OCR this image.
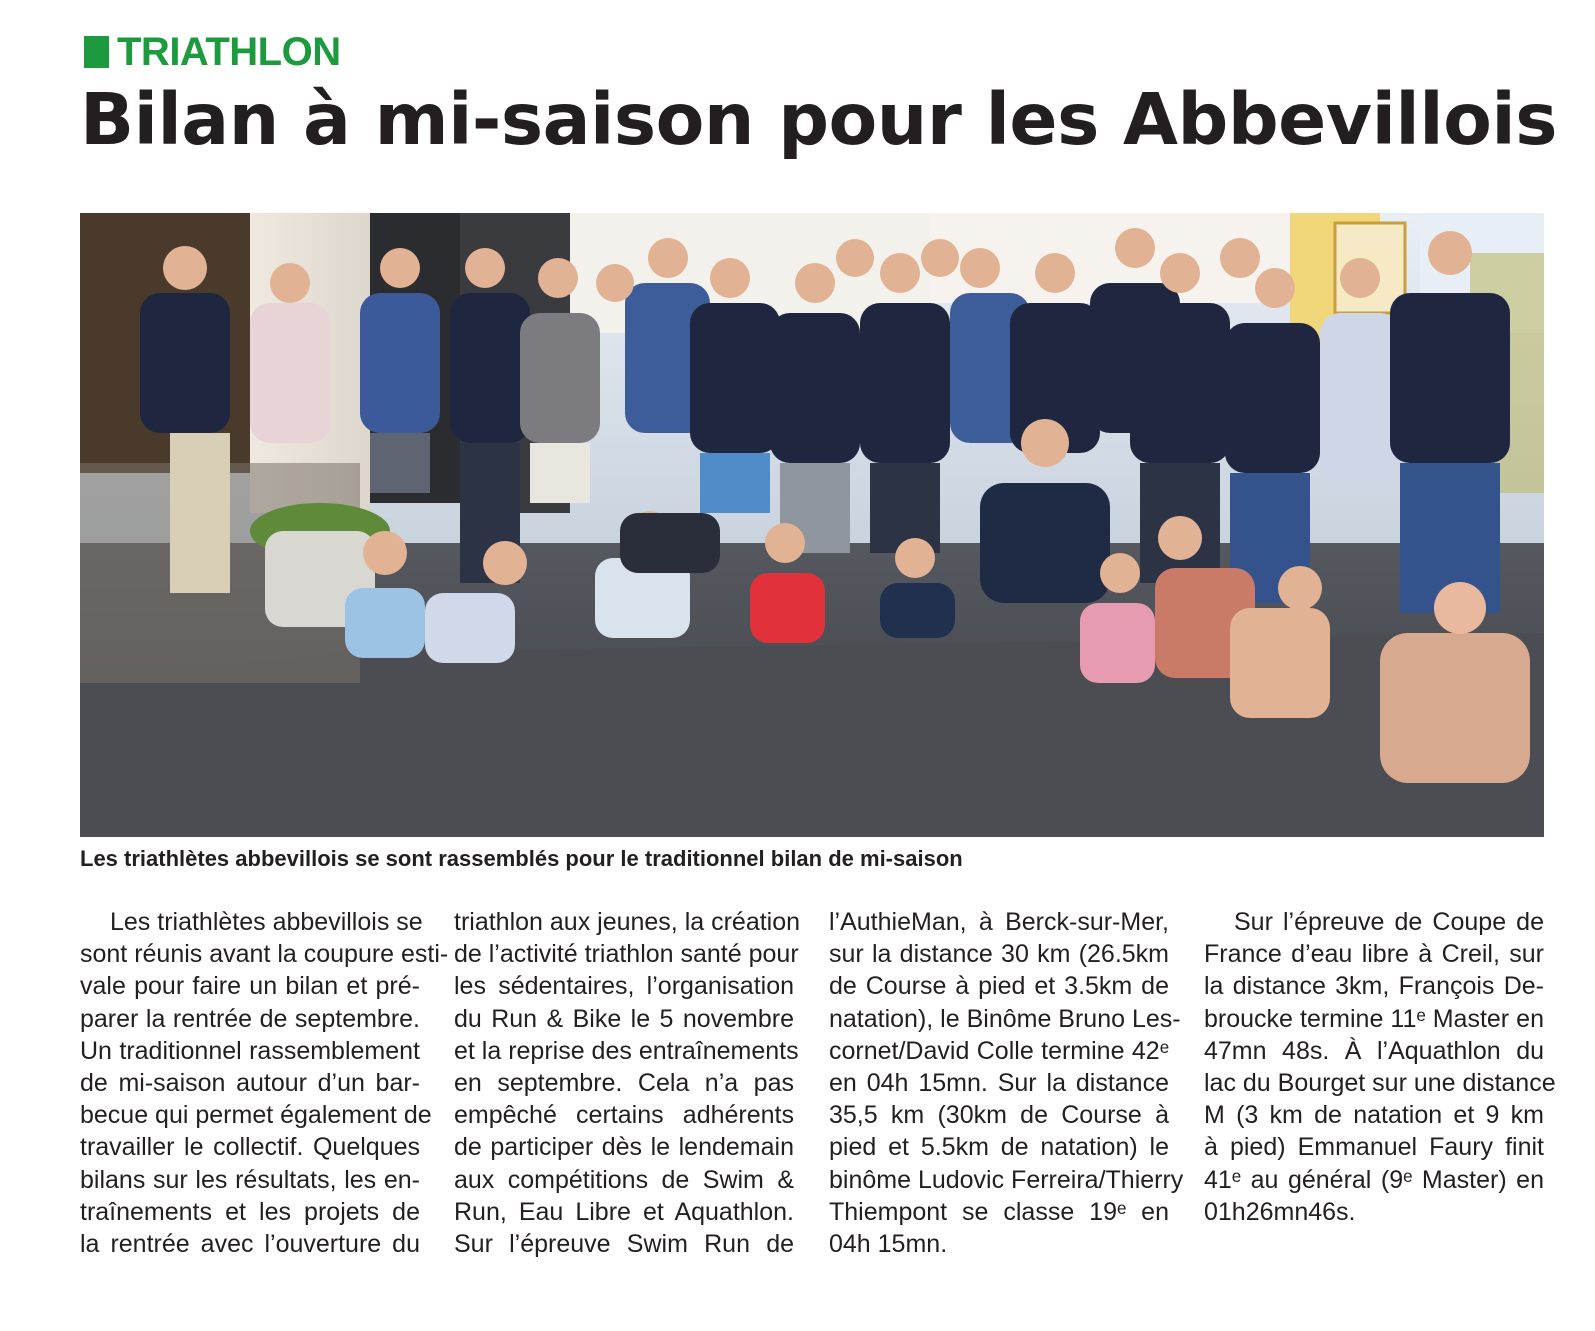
TRIATHLON
Bilan à mi-saison pour les Abbevillois

Les triathlètes abbevillois se sont rassemblés pour le traditionnel bilan de mi-saison

Les triathlètes abbevillois se
sont réunis avant la coupure esti-
vale pour faire un bilan et pré-
parer la rentrée de septembre.
Un traditionnel rassemblement
de mi-saison autour d’un bar-
becue qui permet également de
travailler le collectif. Quelques
bilans sur les résultats, les en-
traînements et les projets de
la rentrée avec l’ouverture du
triathlon aux jeunes, la création
de l’activité triathlon santé pour
les sédentaires, l’organisation
du Run & Bike le 5 novembre
et la reprise des entraînements
en septembre. Cela n’a pas
empêché certains adhérents
de participer dès le lendemain
aux compétitions de Swim &
Run, Eau Libre et Aquathlon.
Sur l’épreuve Swim Run de
l’AuthieMan, à Berck-sur-Mer,
sur la distance 30 km (26.5km
de Course à pied et 3.5km de
natation), le Binôme Bruno Les-
cornet/David Colle termine 42ᵉ
en 04h 15mn. Sur la distance
35,5 km (30km de Course à
pied et 5.5km de natation) le
binôme Ludovic Ferreira/Thierry
Thiempont se classe 19ᵉ en
04h 15mn.
Sur l’épreuve de Coupe de
France d’eau libre à Creil, sur
la distance 3km, François De-
broucke termine 11ᵉ Master en
47mn 48s. À l’Aquathlon du
lac du Bourget sur une distance
M (3 km de natation et 9 km
à pied) Emmanuel Faury finit
41ᵉ au général (9ᵉ Master) en
01h26mn46s.
